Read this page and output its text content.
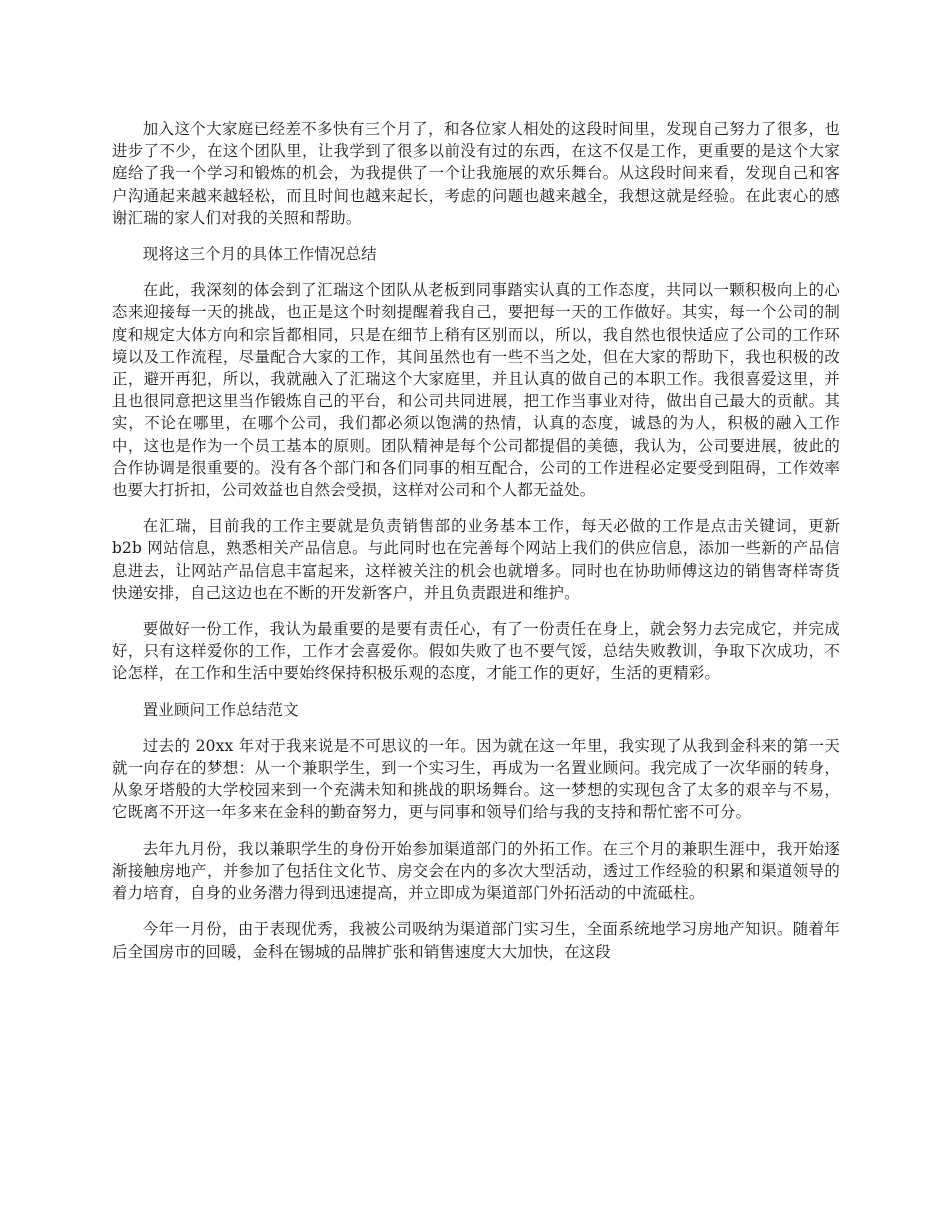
加入这个大家庭已经差不多快有三个月了，和各位家人相处的这段时间里，发现自己努力了很多，也进步了不少，在这个团队里，让我学到了很多以前没有过的东西，在这不仅是工作，更重要的是这个大家庭给了我一个学习和锻炼的机会，为我提供了一个让我施展的欢乐舞台。从这段时间来看，发现自己和客户沟通起来越来越轻松，而且时间也越来起长，考虑的问题也越来越全，我想这就是经验。在此衷心的感谢汇瑞的家人们对我的关照和帮助。

现将这三个月的具体工作情况总结

在此，我深刻的体会到了汇瑞这个团队从老板到同事踏实认真的工作态度，共同以一颗积极向上的心态来迎接每一天的挑战，也正是这个时刻提醒着我自己，要把每一天的工作做好。其实，每一个公司的制度和规定大体方向和宗旨都相同，只是在细节上稍有区别而以，所以，我自然也很快适应了公司的工作环境以及工作流程，尽量配合大家的工作，其间虽然也有一些不当之处，但在大家的帮助下，我也积极的改正，避开再犯，所以，我就融入了汇瑞这个大家庭里，并且认真的做自己的本职工作。我很喜爱这里，并且也很同意把这里当作锻炼自己的平台，和公司共同进展，把工作当事业对待，做出自己最大的贡献。其实，不论在哪里，在哪个公司，我们都必须以饱满的热情，认真的态度，诚恳的为人，积极的融入工作中，这也是作为一个员工基本的原则。团队精神是每个公司都提倡的美德，我认为，公司要进展，彼此的合作协调是很重要的。没有各个部门和各们同事的相互配合，公司的工作进程必定要受到阻碍，工作效率也要大打折扣，公司效益也自然会受损，这样对公司和个人都无益处。

在汇瑞，目前我的工作主要就是负责销售部的业务基本工作，每天必做的工作是点击关键词，更新 b2b 网站信息，熟悉相关产品信息。与此同时也在完善每个网站上我们的供应信息，添加一些新的产品信息进去，让网站产品信息丰富起来，这样被关注的机会也就增多。同时也在协助师傅这边的销售寄样寄货快递安排，自己这边也在不断的开发新客户，并且负责跟进和维护。

要做好一份工作，我认为最重要的是要有责任心，有了一份责任在身上，就会努力去完成它，并完成好，只有这样爱你的工作，工作才会喜爱你。假如失败了也不要气馁，总结失败教训，争取下次成功，不论怎样，在工作和生活中要始终保持积极乐观的态度，才能工作的更好，生活的更精彩。

置业顾问工作总结范文

过去的 20xx 年对于我来说是不可思议的一年。因为就在这一年里，我实现了从我到金科来的第一天就一向存在的梦想：从一个兼职学生，到一个实习生，再成为一名置业顾问。我完成了一次华丽的转身，从象牙塔般的大学校园来到一个充满未知和挑战的职场舞台。这一梦想的实现包含了太多的艰辛与不易，它既离不开这一年多来在金科的勤奋努力，更与同事和领导们给与我的支持和帮忙密不可分。

去年九月份，我以兼职学生的身份开始参加渠道部门的外拓工作。在三个月的兼职生涯中，我开始逐渐接触房地产，并参加了包括住文化节、房交会在内的多次大型活动，透过工作经验的积累和渠道领导的着力培育，自身的业务潜力得到迅速提高，并立即成为渠道部门外拓活动的中流砥柱。

今年一月份，由于表现优秀，我被公司吸纳为渠道部门实习生，全面系统地学习房地产知识。随着年后全国房市的回暖，金科在锡城的品牌扩张和销售速度大大加快，在这段
